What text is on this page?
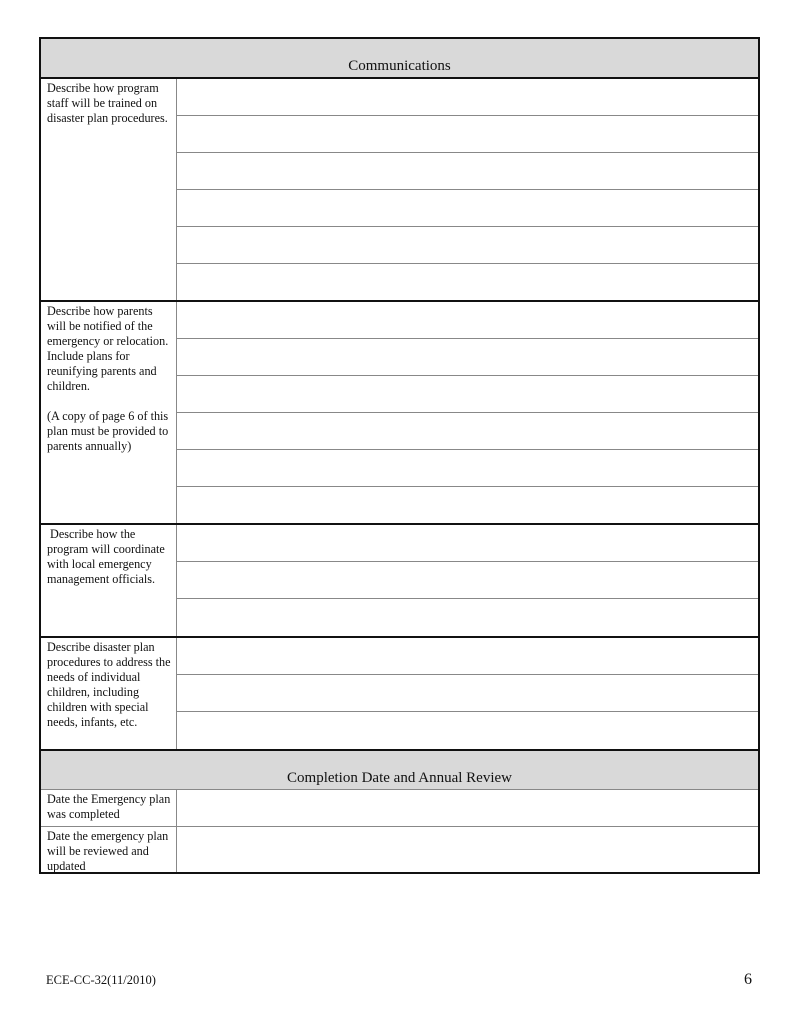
Communications
Describe how program staff will be trained on disaster plan procedures.
Describe how parents will be notified of the emergency or relocation. Include plans for reunifying parents and children.
(A copy of page 6 of this plan must be provided to parents annually)
Describe how the program will coordinate with local emergency management officials.
Describe disaster plan procedures to address the needs of individual children, including children with special needs, infants, etc.
Completion Date and Annual Review
Date the Emergency plan was completed
Date the emergency plan will be reviewed and updated
ECE-CC-32(11/2010)	6
